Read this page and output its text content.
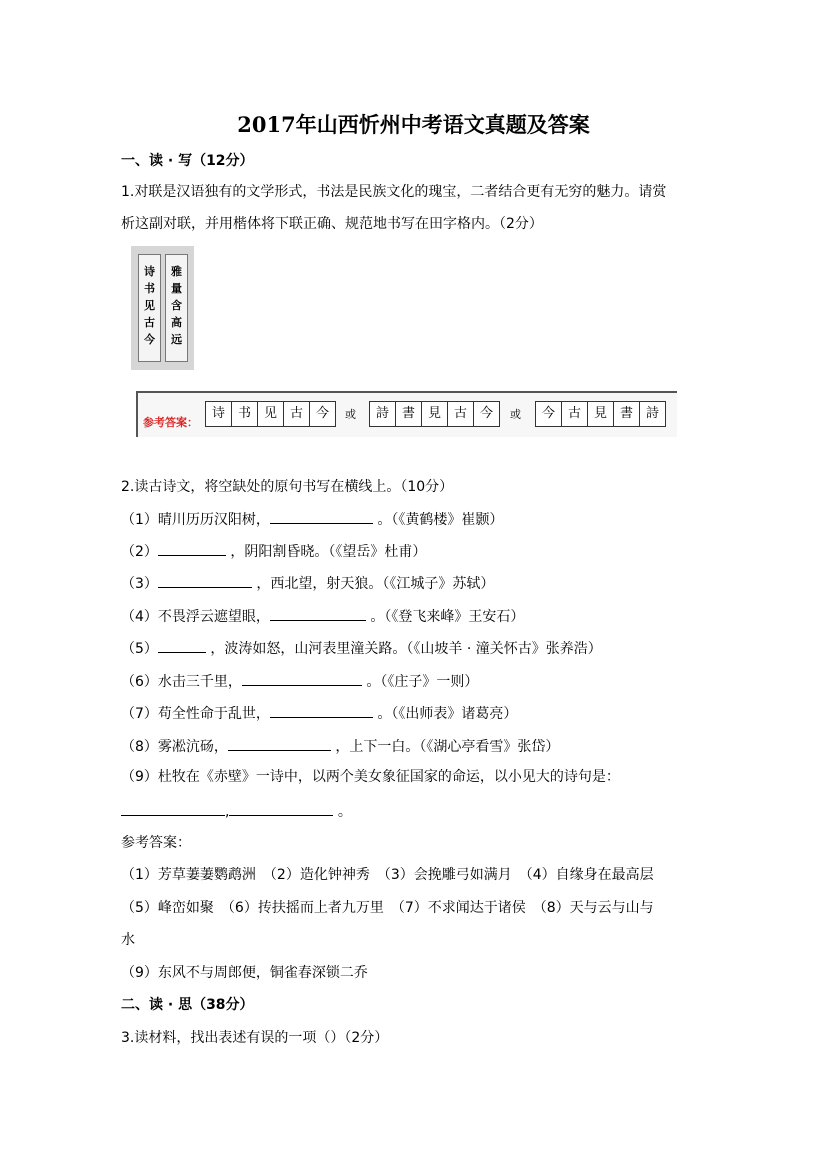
2017年山西忻州中考语文真题及答案
一、读 · 写（12分）
1.对联是汉语独有的文学形式，书法是民族文化的瑰宝，二者结合更有无穷的魅力。请赏
析这副对联，并用楷体将下联正确、规范地书写在田字格内。（2分）
诗
书
见
古
今
雅
量
含
高
远
参考答案：
诗 书 见 古 今	詩 書 見 古 今	今 古 見 書 詩
或	或
2.读古诗文，将空缺处的原句书写在横线上。（10分）
（1）晴川历历汉阳树，	。（《黄鹤楼》崔颢）
（2）	，阴阳割昏晓。（《望岳》杜甫）
（3）	，西北望，射天狼。（《江城子》苏轼）
（4）不畏浮云遮望眼，	。（《登飞来峰》王安石）
（5）	，波涛如怒，山河表里潼关路。（《山坡羊 · 潼关怀古》张养浩）
（6）水击三千里，	。（《庄子》一则）
（7）苟全性命于乱世，	。（《出师表》诸葛亮）
（8）雾凇沆砀，	，上下一白。（《湖心亭看雪》张岱）
（9）杜牧在《赤壁》一诗中，以两个美女象征国家的命运，以小见大的诗句是：
,	。
参考答案：
（1）芳草萋萋鹦鹉洲　（2）造化钟神秀　（3）会挽雕弓如满月　（4）自缘身在最高层
（5）峰峦如聚　（6）抟扶摇而上者九万里　（7）不求闻达于诸侯　（8）天与云与山与
水
（9）东风不与周郎便，铜雀春深锁二乔
二、读 · 思（38分）
3.读材料，找出表述有误的一项（）（2分）
